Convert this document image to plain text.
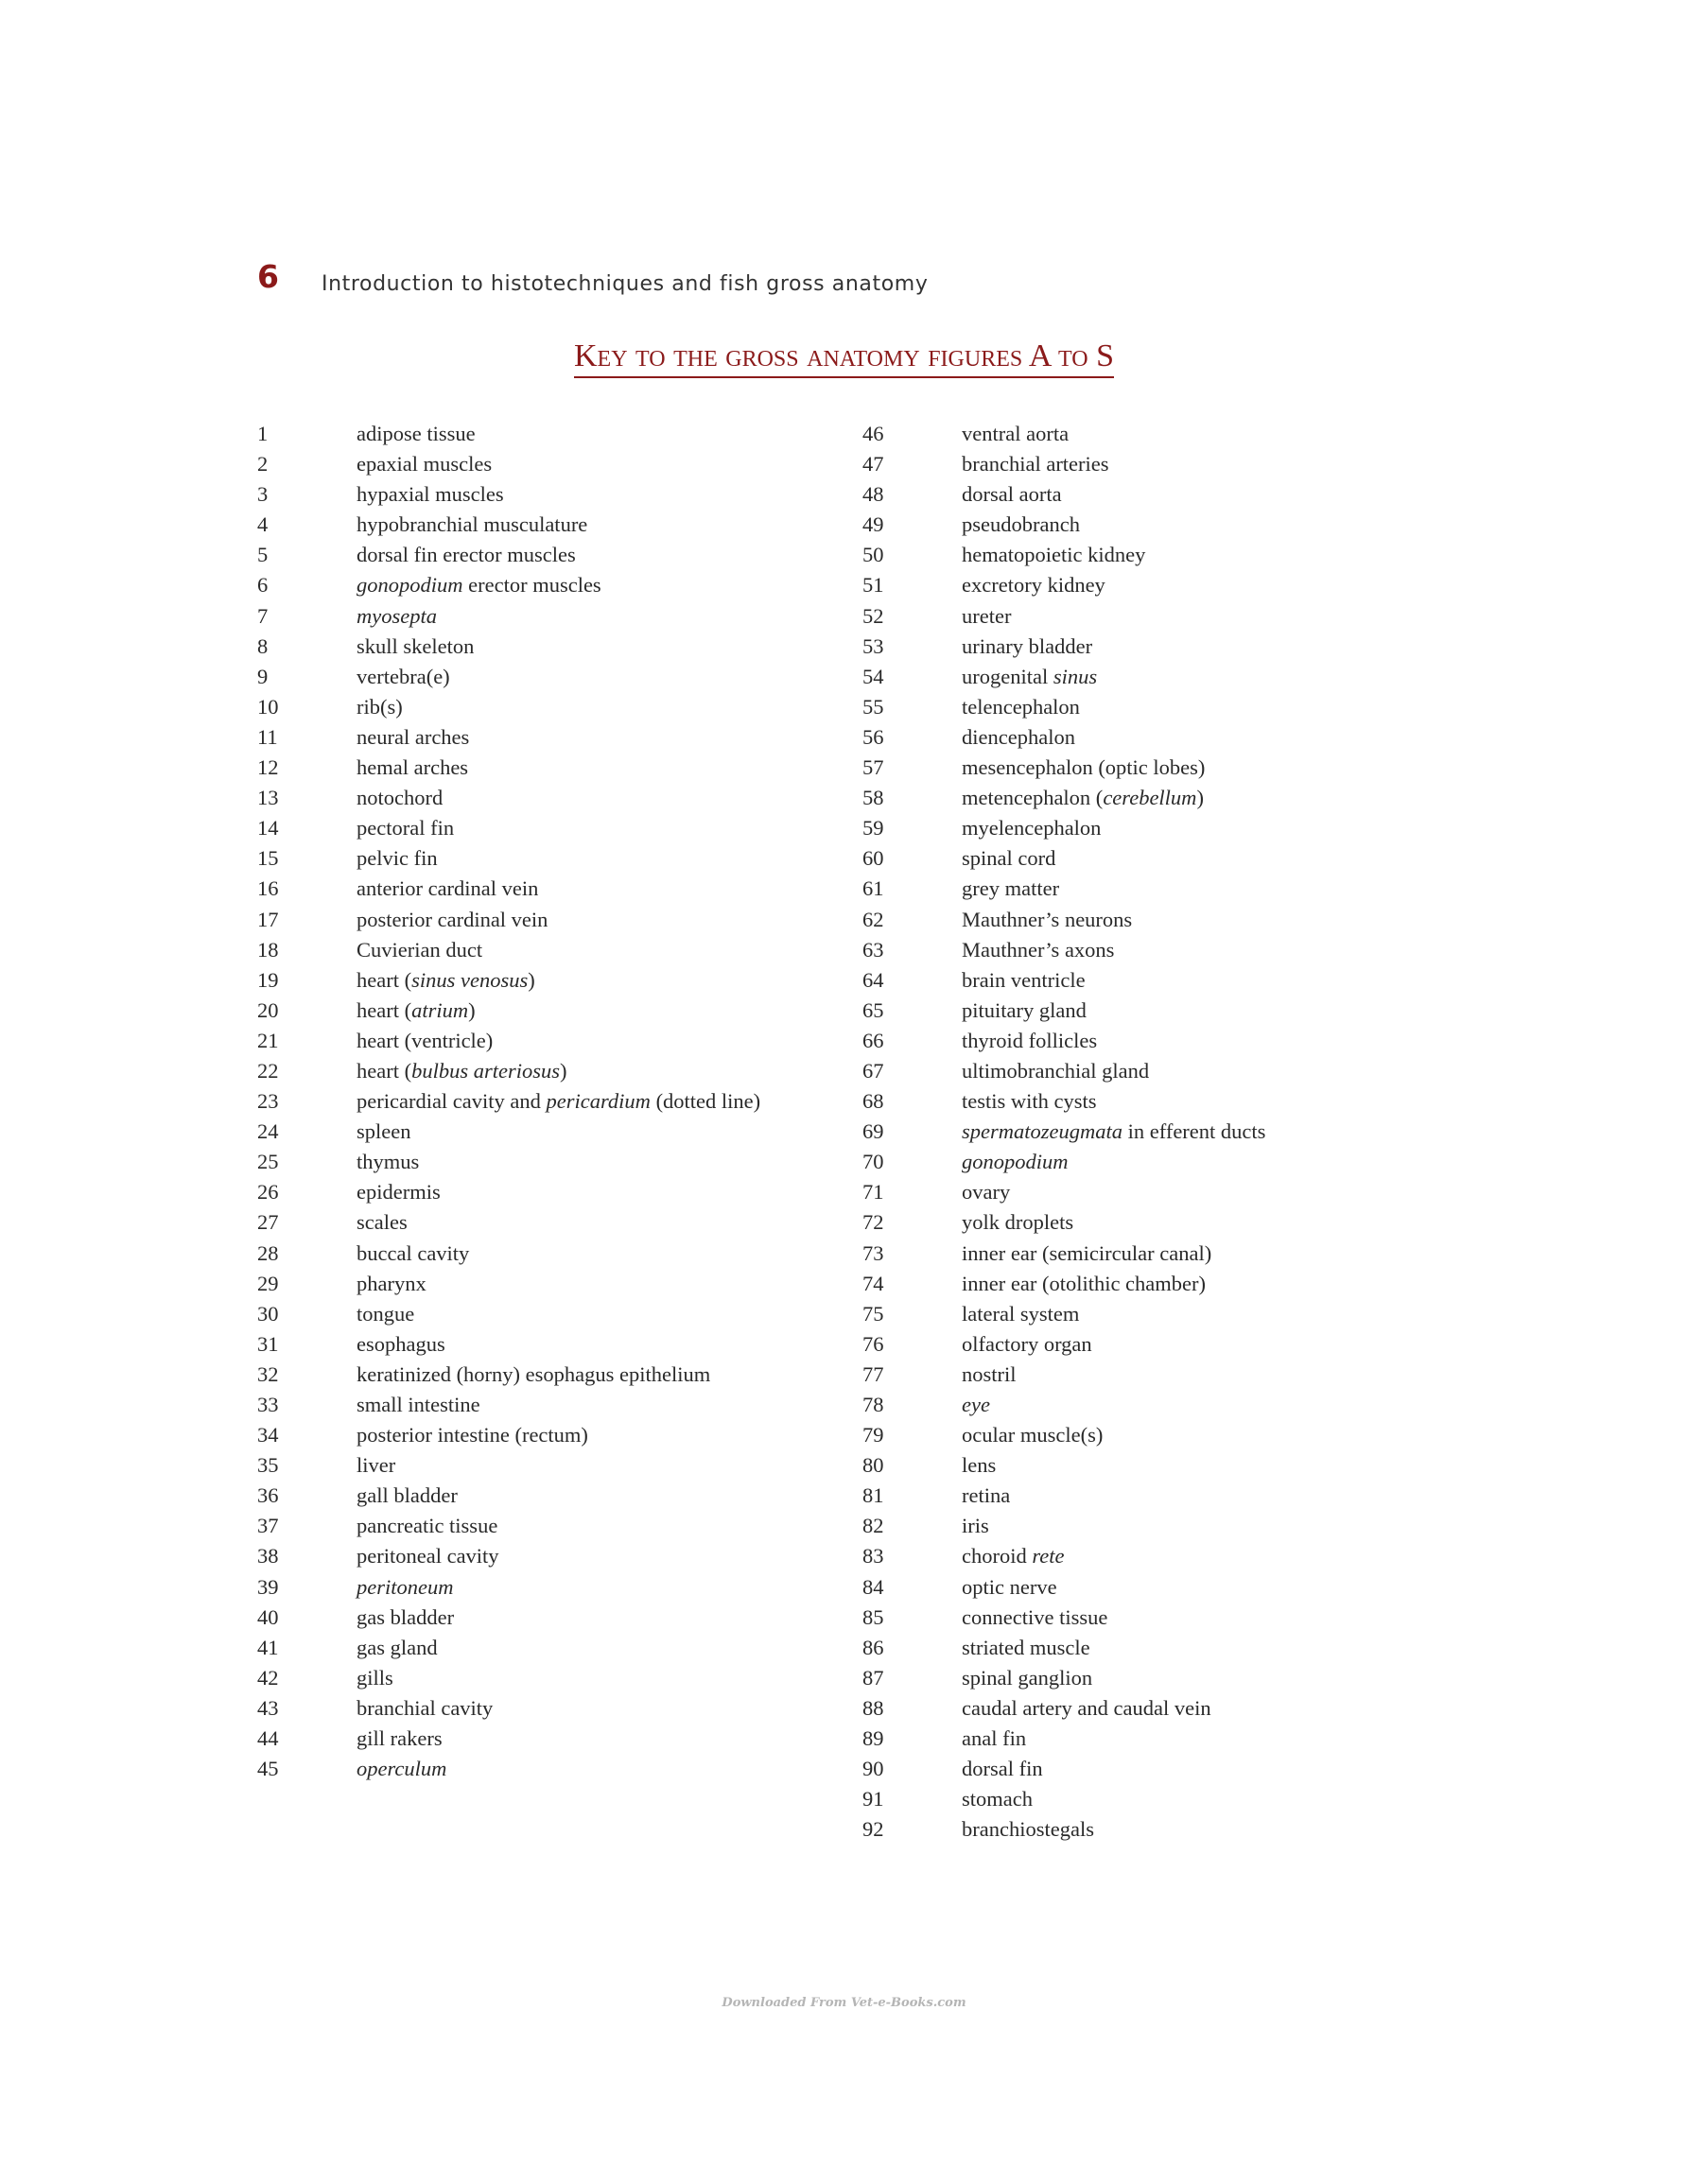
6 Introduction to histotechniques and fish gross anatomy
Key to the gross anatomy figures A to S
1	adipose tissue
2	epaxial muscles
3	hypaxial muscles
4	hypobranchial musculature
5	dorsal fin erector muscles
6	gonopodium erector muscles
7	myosepta
8	skull skeleton
9	vertebra(e)
10	rib(s)
11	neural arches
12	hemal arches
13	notochord
14	pectoral fin
15	pelvic fin
16	anterior cardinal vein
17	posterior cardinal vein
18	Cuvierian duct
19	heart (sinus venosus)
20	heart (atrium)
21	heart (ventricle)
22	heart (bulbus arteriosus)
23	pericardial cavity and pericardium (dotted line)
24	spleen
25	thymus
26	epidermis
27	scales
28	buccal cavity
29	pharynx
30	tongue
31	esophagus
32	keratinized (horny) esophagus epithelium
33	small intestine
34	posterior intestine (rectum)
35	liver
36	gall bladder
37	pancreatic tissue
38	peritoneal cavity
39	peritoneum
40	gas bladder
41	gas gland
42	gills
43	branchial cavity
44	gill rakers
45	operculum
46	ventral aorta
47	branchial arteries
48	dorsal aorta
49	pseudobranch
50	hematopoietic kidney
51	excretory kidney
52	ureter
53	urinary bladder
54	urogenital sinus
55	telencephalon
56	diencephalon
57	mesencephalon (optic lobes)
58	metencephalon (cerebellum)
59	myelencephalon
60	spinal cord
61	grey matter
62	Mauthner’s neurons
63	Mauthner’s axons
64	brain ventricle
65	pituitary gland
66	thyroid follicles
67	ultimobranchial gland
68	testis with cysts
69	spermatozeugmata in efferent ducts
70	gonopodium
71	ovary
72	yolk droplets
73	inner ear (semicircular canal)
74	inner ear (otolithic chamber)
75	lateral system
76	olfactory organ
77	nostril
78	eye
79	ocular muscle(s)
80	lens
81	retina
82	iris
83	choroid rete
84	optic nerve
85	connective tissue
86	striated muscle
87	spinal ganglion
88	caudal artery and caudal vein
89	anal fin
90	dorsal fin
91	stomach
92	branchiostegals
Downloaded From Vet-e-Books.com
